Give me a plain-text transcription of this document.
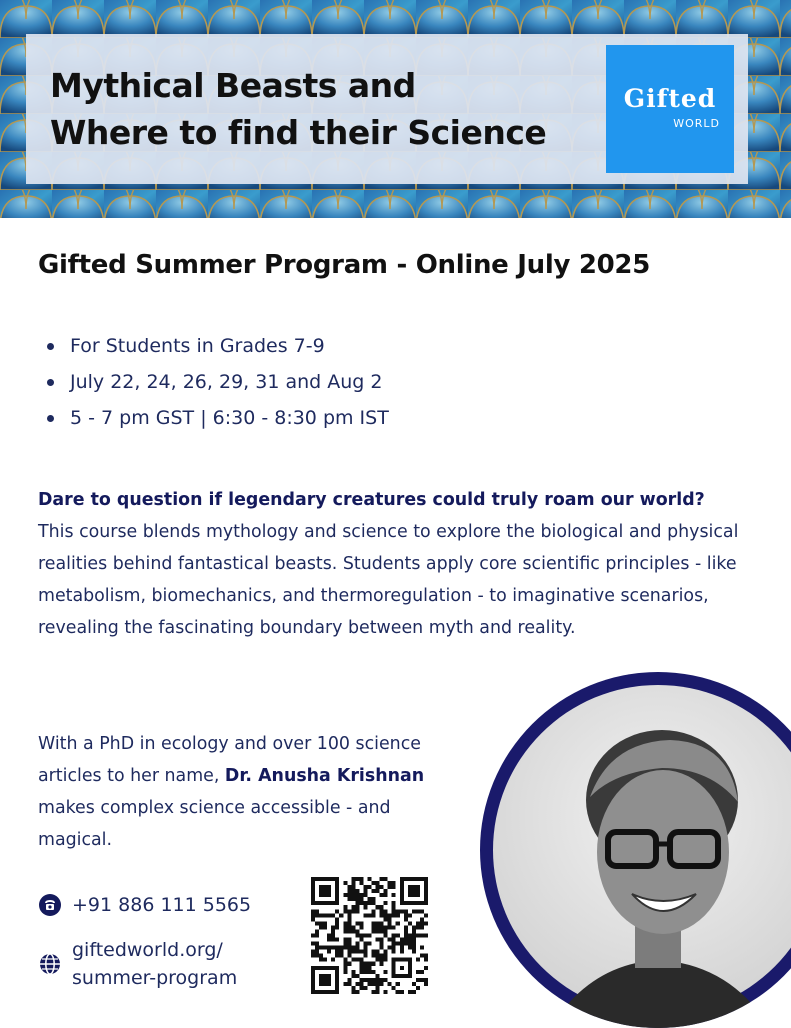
Mythical Beasts and
Where to find their Science
Gifted
WORLD
Gifted Summer Program - Online July 2025
For Students in Grades 7-9
July 22, 24, 26, 29, 31 and Aug 2
5 - 7 pm GST | 6:30 - 8:30 pm IST

Dare to question if legendary creatures could truly roam our world? This course blends mythology and science to explore the biological and physical realities behind fantastical beasts. Students apply core scientific principles - like metabolism, biomechanics, and thermoregulation - to imaginative scenarios, revealing the fascinating boundary between myth and reality.

With a PhD in ecology and over 100 science articles to her name, Dr. Anusha Krishnan makes complex science accessible - and magical.

+91 886 111 5565
giftedworld.org/
summer-program
